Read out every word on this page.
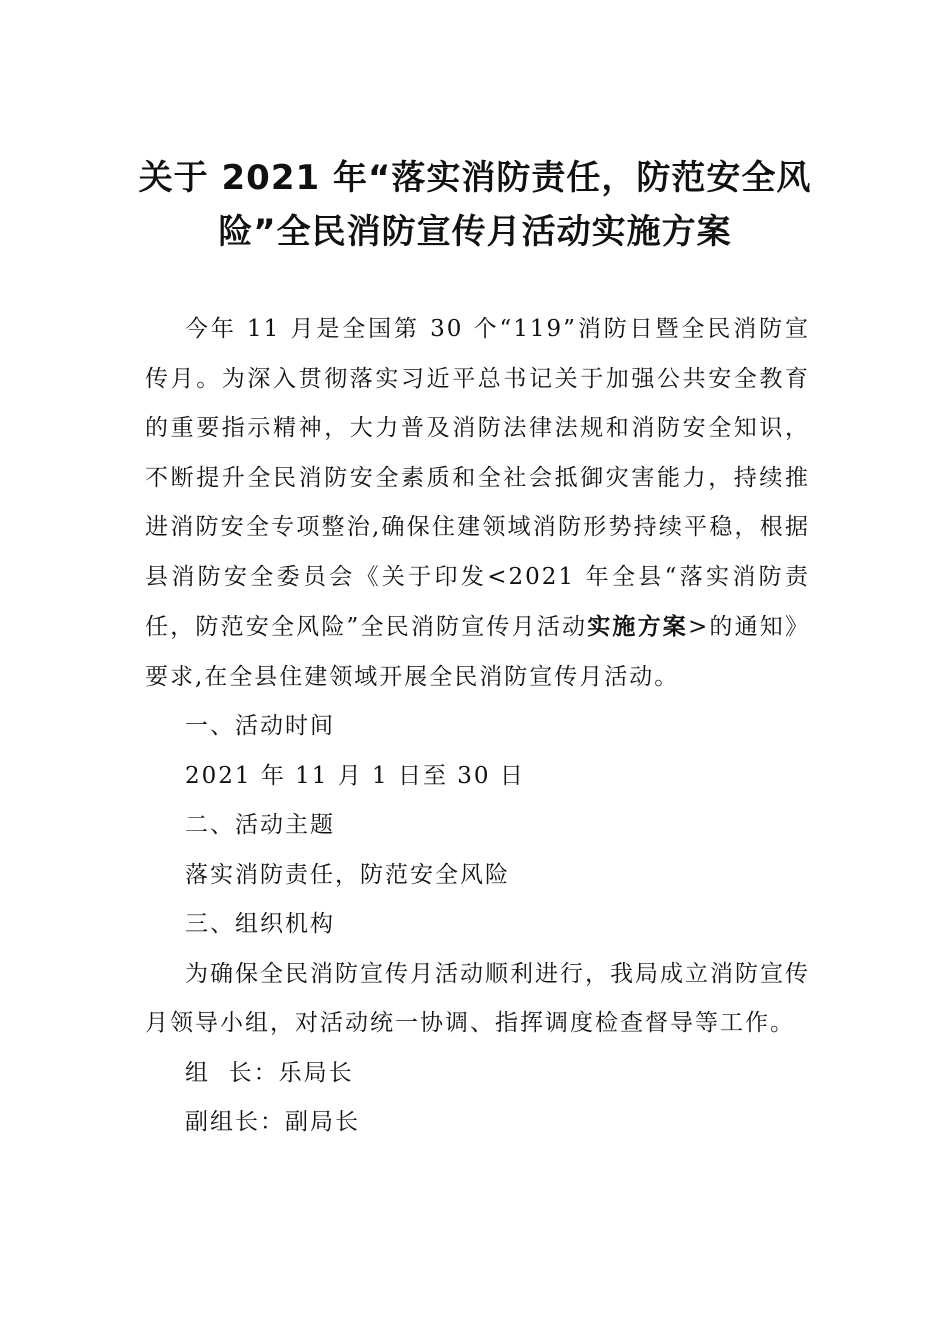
关于 2021 年“落实消防责任，防范安全风
险”全民消防宣传月活动实施方案

今年 11 月是全国第 30 个“119”消防日暨全民消防宣传月。为深入贯彻落实习近平总书记关于加强公共安全教育的重要指示精神，大力普及消防法律法规和消防安全知识，不断提升全民消防安全素质和全社会抵御灾害能力，持续推进消防安全专项整治,确保住建领域消防形势持续平稳，根据县消防安全委员会《关于印发<2021 年全县“落实消防责任，防范安全风险”全民消防宣传月活动实施方案>的通知》要求,在全县住建领域开展全民消防宣传月活动。

一、活动时间
2021 年 11 月 1 日至 30 日
二、活动主题
落实消防责任，防范安全风险
三、组织机构

为确保全民消防宣传月活动顺利进行，我局成立消防宣传月领导小组，对活动统一协调、指挥调度检查督导等工作。

组  长：乐局长
副组长：副局长
